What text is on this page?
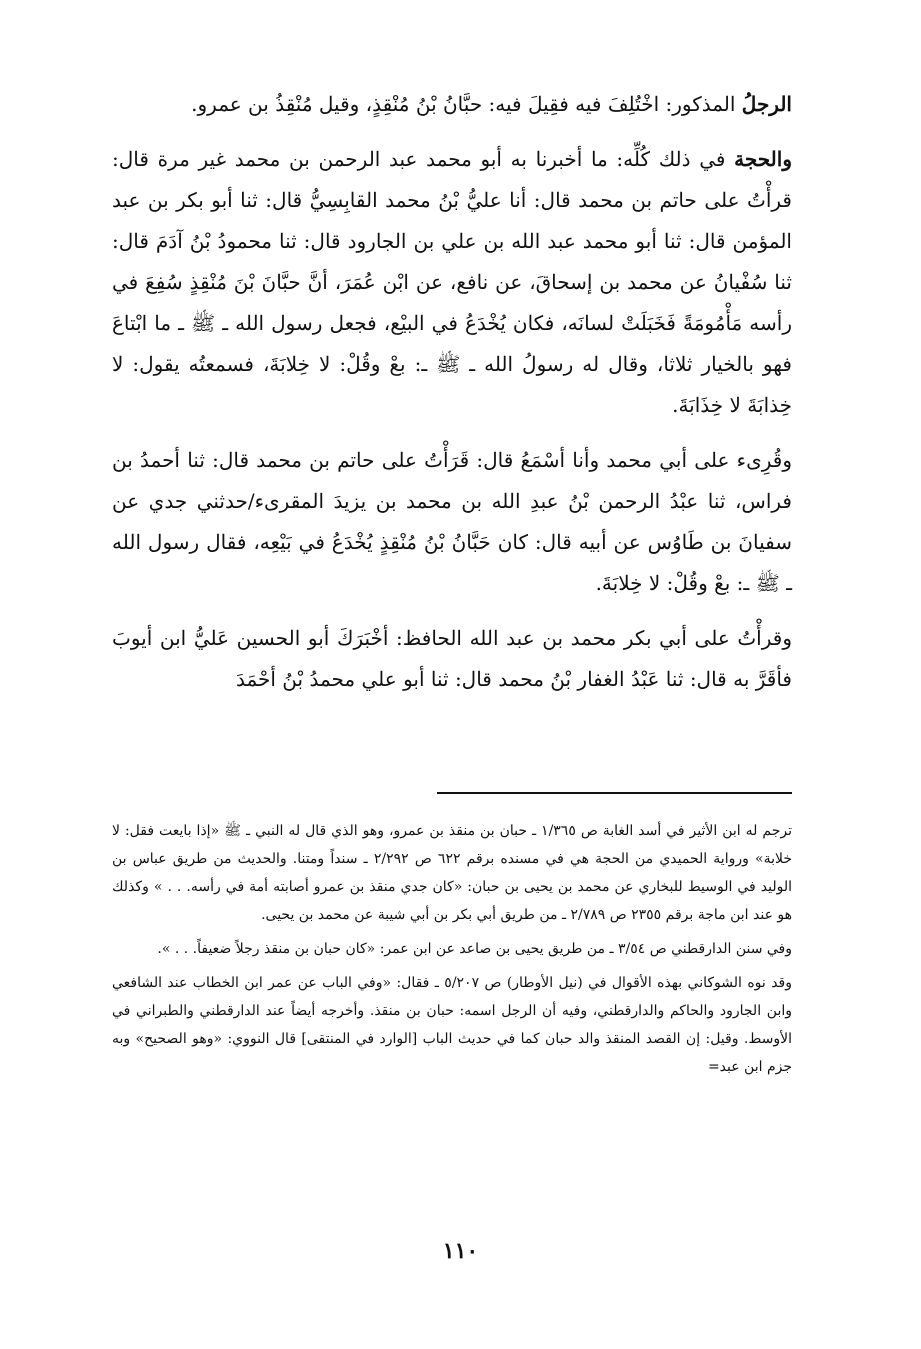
الرجلُ المذكور: اخْتُلِفَ فيه فقِيلَ فيه: حبَّانُ بْنُ مُنْقِذٍ، وقيل مُنْقِذُ بن عمرو.

والحجة في ذلك كُلِّه: ما أخبرنا به أبو محمد عبد الرحمن بن محمد غير مرة قال: قرأْتُ على حاتم بن محمد قال: أنا عليُّ بْنُ محمد القابِسِيُّ قال: ثنا أبو بكر بن عبد المؤمن قال: ثنا أبو محمد عبد الله بن علي بن الجارود قال: ثنا محمودُ بْنُ آدَمَ قال: ثنا سُفْيانُ عن محمد بن إسحاقَ، عن نافع، عن ابْن عُمَرَ، أنَّ حبَّانَ بْنَ مُنْقِذٍ سُفِعَ في رأسه مَأْمُومَةً فَخَبَلَتْ لسانَه، فكان يُخْدَعُ في البيْع، فجعل رسول الله ـ ﷺ ـ ما ابْتاعَ فهو بالخيار ثلاثا، وقال له رسولُ الله ـ ﷺ ـ: بعْ وقُلْ: لا خِلابَةَ، فسمعتُه يقول: لا خِذابَةَ لا خِذَابَةَ.

وقُرِىء على أبي محمد وأنا أسْمَعُ قال: قَرَأْتُ على حاتم بن محمد قال: ثنا أحمدُ بن فراس، ثنا عبْدُ الرحمن بْنُ عبدِ الله بن محمد بن يزيدَ المقرىء/حدثني جدي عن سفيانَ بن طَاوُس عن أبيه قال: كان حَبَّانُ بْنُ مُنْقِذٍ يُخْدَعُ في بَيْعِه، فقال رسول الله ـ ﷺ ـ: بعْ وقُلْ: لا خِلابَةَ.

وقرأْتُ على أبي بكر محمد بن عبد الله الحافظ: أخْبَرَكَ أبو الحسين عَليُّ ابن أيوبَ فأقَرَّ به قال: ثنا عَبْدُ الغفار بْنُ محمد قال: ثنا أبو علي محمدُ بْنُ أحْمَدَ

ترجم له ابن الأثير في أسد الغابة ص ١/٣٦٥ ـ حبان بن منقذ بن عمرو، وهو الذي قال له النبي ـ ﷺ «إذا بايعت فقل: لا خلابة» ورواية الحميدي من الحجة هي في مسنده برقم ٦٢٢ ص ٢/٢٩٢ ـ سنداً ومتنا. والحديث من طريق عباس بن الوليد في الوسيط للبخاري عن محمد بن يحيى بن حبان: «كان جدي منقذ بن عمرو أصابته أمة في رأسه. . . » وكذلك هو عند ابن ماجة برقم ٢٣٥٥ ص ٢/٧٨٩ ـ من طريق أبي بكر بن أبي شيبة عن محمد بن يحيى.

وفي سنن الدارقطني ص ٣/٥٤ ـ من طريق يحيى بن صاعد عن ابن عمر: «كان حبان بن منقذ رجلاً ضعيفاً. . . ».

وقد نوه الشوكاني بهذه الأقوال في (نيل الأوطار) ص ٥/٢٠٧ ـ فقال: «وفي الباب عن عمر ابن الخطاب عند الشافعي وابن الجارود والحاكم والدارقطني، وفيه أن الرجل اسمه: حبان بن منقذ. وأخرجه أيضاً عند الدارقطني والطبراني في الأوسط. وقيل: إن القصد المنقذ والد حبان كما في حديث الباب [الوارد في المنتقى] قال النووي: «وهو الصحيح» وبه جزم ابن عبد=

١١٠
